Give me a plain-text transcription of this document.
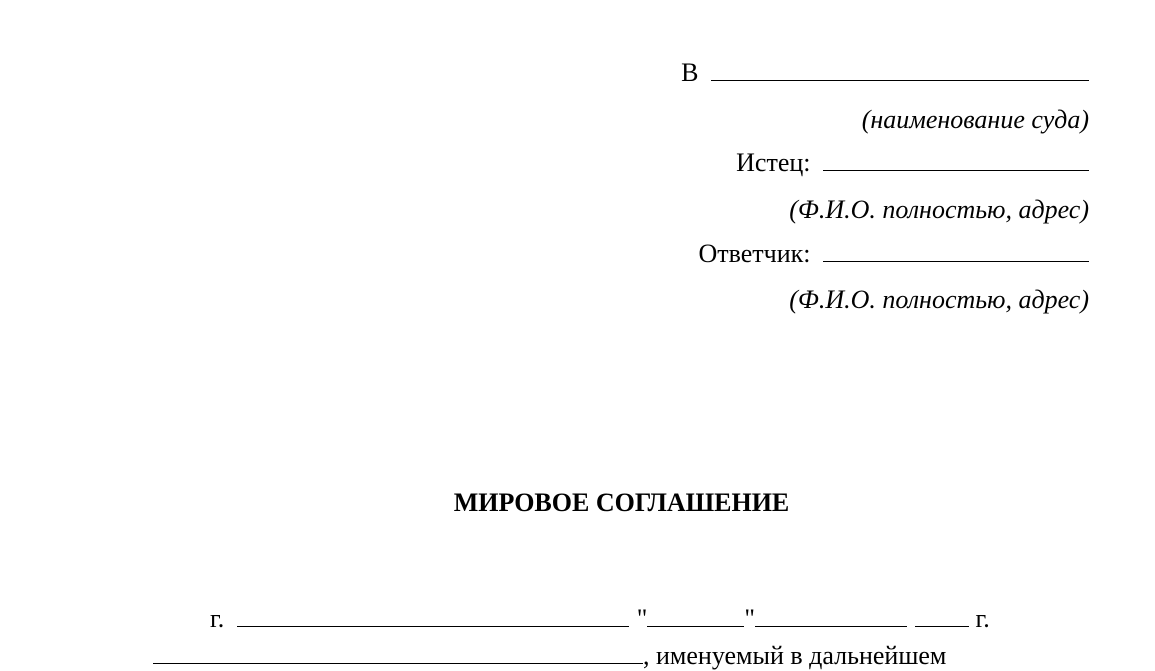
В
(наименование суда)
Истец:
(Ф.И.О. полностью, адрес)
Ответчик:
(Ф.И.О. полностью, адрес)
МИРОВОЕ СОГЛАШЕНИЕ
г.	"	"	г.
, именуемый в дальнейшем
